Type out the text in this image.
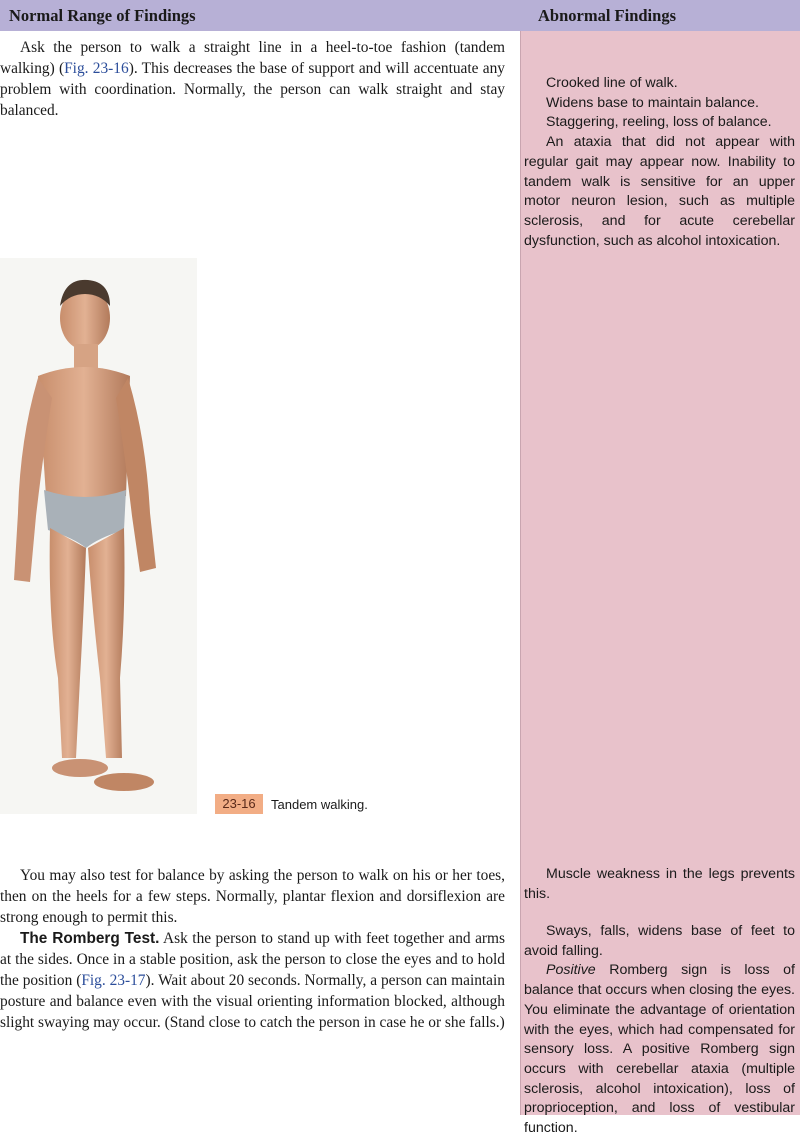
Normal Range of Findings	Abnormal Findings

Ask the person to walk a straight line in a heel-to-toe fashion (tandem walking) (Fig. 23-16). This decreases the base of support and will accentuate any problem with coordination. Normally, the person can walk straight and stay balanced.

23-16	Tandem walking.

You may also test for balance by asking the person to walk on his or her toes, then on the heels for a few steps. Normally, plantar flexion and dorsiflexion are strong enough to permit this.

The Romberg Test. Ask the person to stand up with feet together and arms at the sides. Once in a stable position, ask the person to close the eyes and to hold the position (Fig. 23-17). Wait about 20 seconds. Normally, a person can maintain posture and balance even with the visual orienting information blocked, although slight swaying may occur. (Stand close to catch the person in case he or she falls.)

Crooked line of walk.
Widens base to maintain balance.
Staggering, reeling, loss of balance.
An ataxia that did not appear with regular gait may appear now. Inability to tandem walk is sensitive for an upper motor neuron lesion, such as multiple sclerosis, and for acute cerebellar dysfunction, such as alcohol intoxication.
Muscle weakness in the legs prevents this.
Sways, falls, widens base of feet to avoid falling.
Positive Romberg sign is loss of balance that occurs when closing the eyes. You eliminate the advantage of orientation with the eyes, which had compensated for sensory loss. A positive Romberg sign occurs with cerebellar ataxia (multiple sclerosis, alcohol intoxication), loss of proprioception, and loss of vestibular function.
